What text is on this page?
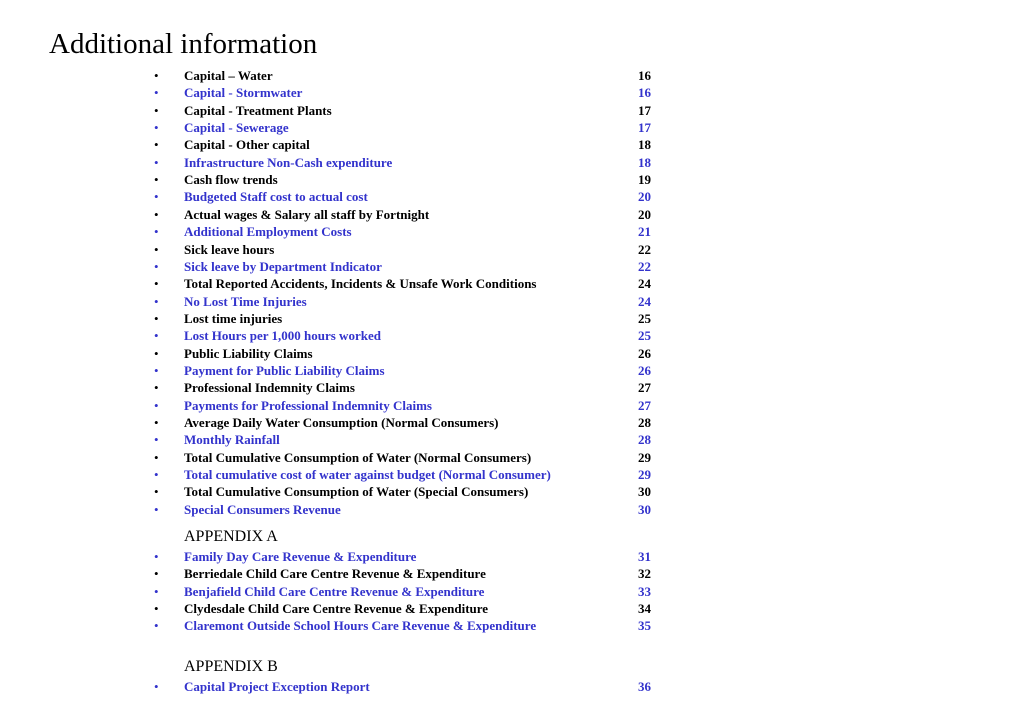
Additional information
APPENDIX A
APPENDIX B
• Capital – Water	16
• Capital - Stormwater	16
• Capital - Treatment Plants	17
• Capital - Sewerage	17
• Capital - Other capital	18
• Infrastructure Non-Cash expenditure	18
• Cash flow trends	19
• Budgeted Staff cost to actual cost	20
• Actual wages & Salary all staff by Fortnight	20
• Additional Employment Costs	21
• Sick leave hours	22
• Sick leave by Department Indicator	22
• Total Reported Accidents, Incidents & Unsafe Work Conditions	24
• No Lost Time Injuries	24
• Lost time injuries	25
• Lost Hours per 1,000 hours worked	25
• Public Liability Claims	26
• Payment for Public Liability Claims	26
• Professional Indemnity Claims	27
• Payments for Professional Indemnity Claims	27
• Average Daily Water Consumption (Normal Consumers)	28
• Monthly Rainfall	28
• Total Cumulative Consumption of Water (Normal Consumers)	29
• Total cumulative cost of water against budget (Normal Consumer)	29
• Total Cumulative Consumption of Water (Special Consumers)	30
• Special Consumers Revenue	30
• Family Day Care Revenue & Expenditure	31
• Berriedale Child Care Centre Revenue & Expenditure	32
• Benjafield Child Care Centre Revenue & Expenditure	33
• Clydesdale Child Care Centre Revenue & Expenditure	34
• Claremont Outside School Hours Care Revenue & Expenditure	35
• Capital Project Exception Report	36
